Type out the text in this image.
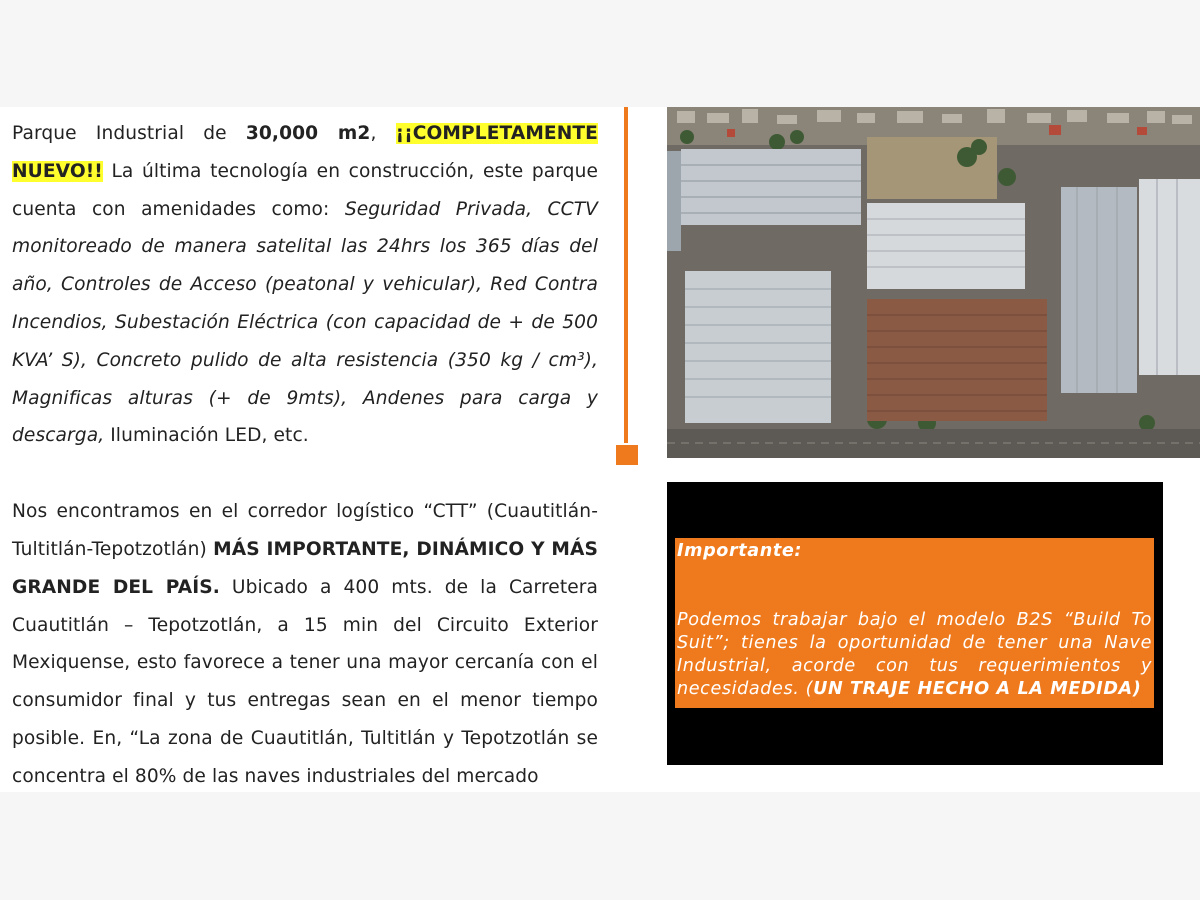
Parque Industrial de 30,000 m2, ¡¡COMPLETAMENTE NUEVO!! La última tecnología en construcción, este parque cuenta con amenidades como: Seguridad Privada, CCTV monitoreado de manera satelital las 24hrs los 365 días del año, Controles de Acceso (peatonal y vehicular), Red Contra Incendios, Subestación Eléctrica (con capacidad de + de 500 KVA’ S), Concreto pulido de alta resistencia (350 kg / cm³), Magnificas alturas (+ de 9mts), Andenes para carga y descarga, Iluminación LED, etc.

Nos encontramos en el corredor logístico “CTT” (Cuautitlán-Tultitlán-Tepotzotlán) MÁS IMPORTANTE, DINÁMICO Y MÁS GRANDE DEL PAÍS. Ubicado a 400 mts. de la Carretera Cuautitlán – Tepotzotlán, a 15 min del Circuito Exterior Mexiquense, esto favorece a tener una mayor cercanía con el consumidor final y tus entregas sean en el menor tiempo posible. En, “La zona de Cuautitlán, Tultitlán y Tepotzotlán se concentra el 80% de las naves industriales del mercado

Importante:

Podemos trabajar bajo el modelo B2S “Build To Suit”; tienes la oportunidad de tener una Nave Industrial, acorde con tus requerimientos y necesidades. (UN TRAJE HECHO A LA MEDIDA)
